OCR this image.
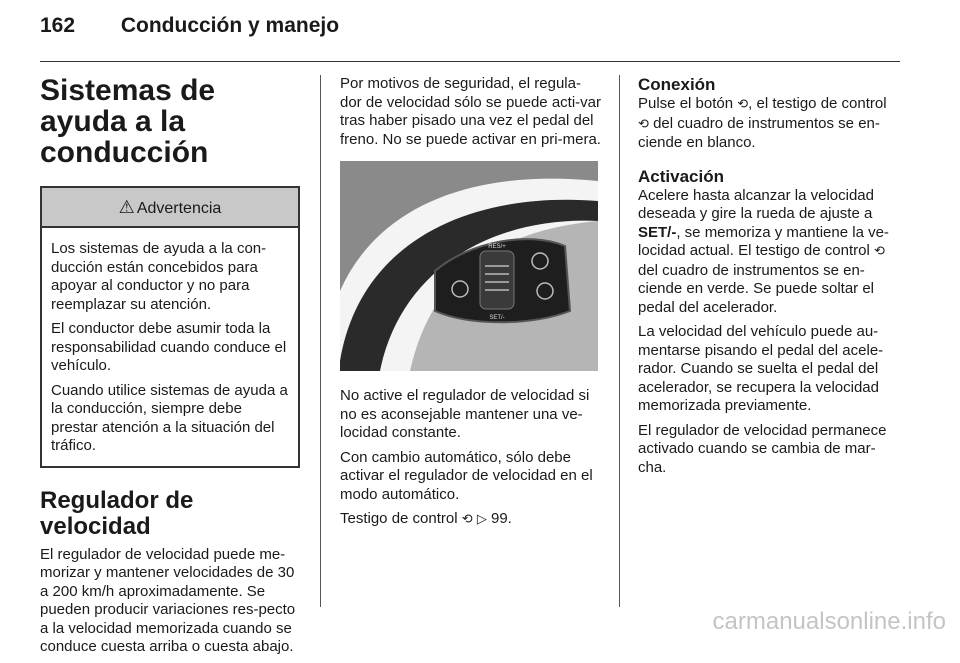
162 Conducción y manejo
Sistemas de ayuda a la conducción
⚠ Advertencia

Los sistemas de ayuda a la con-ducción están concebidos para apoyar al conductor y no para reemplazar su atención.

El conductor debe asumir toda la responsabilidad cuando conduce el vehículo.

Cuando utilice sistemas de ayuda a la conducción, siempre debe prestar atención a la situación del tráfico.

Regulador de velocidad

El regulador de velocidad puede me-morizar y mantener velocidades de 30 a 200 km/h aproximadamente. Se pueden producir variaciones res-pecto a la velocidad memorizada cuando se conduce cuesta arriba o cuesta abajo.

Por motivos de seguridad, el regula-dor de velocidad sólo se puede acti-var tras haber pisado una vez el pedal del freno. No se puede activar en pri-mera.

RES/+
SET/-

No active el regulador de velocidad si no es aconsejable mantener una ve-locidad constante.

Con cambio automático, sólo debe activar el regulador de velocidad en el modo automático.

Testigo de control ⟲ ▷ 99.

Conexión

Pulse el botón ⟲, el testigo de control ⟲ del cuadro de instrumentos se en-ciende en blanco.

Activación

Acelere hasta alcanzar la velocidad deseada y gire la rueda de ajuste a SET/-, se memoriza y mantiene la ve-locidad actual. El testigo de control ⟲ del cuadro de instrumentos se en-ciende en verde. Se puede soltar el pedal del acelerador.

La velocidad del vehículo puede au-mentarse pisando el pedal del acele-rador. Cuando se suelta el pedal del acelerador, se recupera la velocidad memorizada previamente.

El regulador de velocidad permanece activado cuando se cambia de mar-cha.

carmanualsonline.info
